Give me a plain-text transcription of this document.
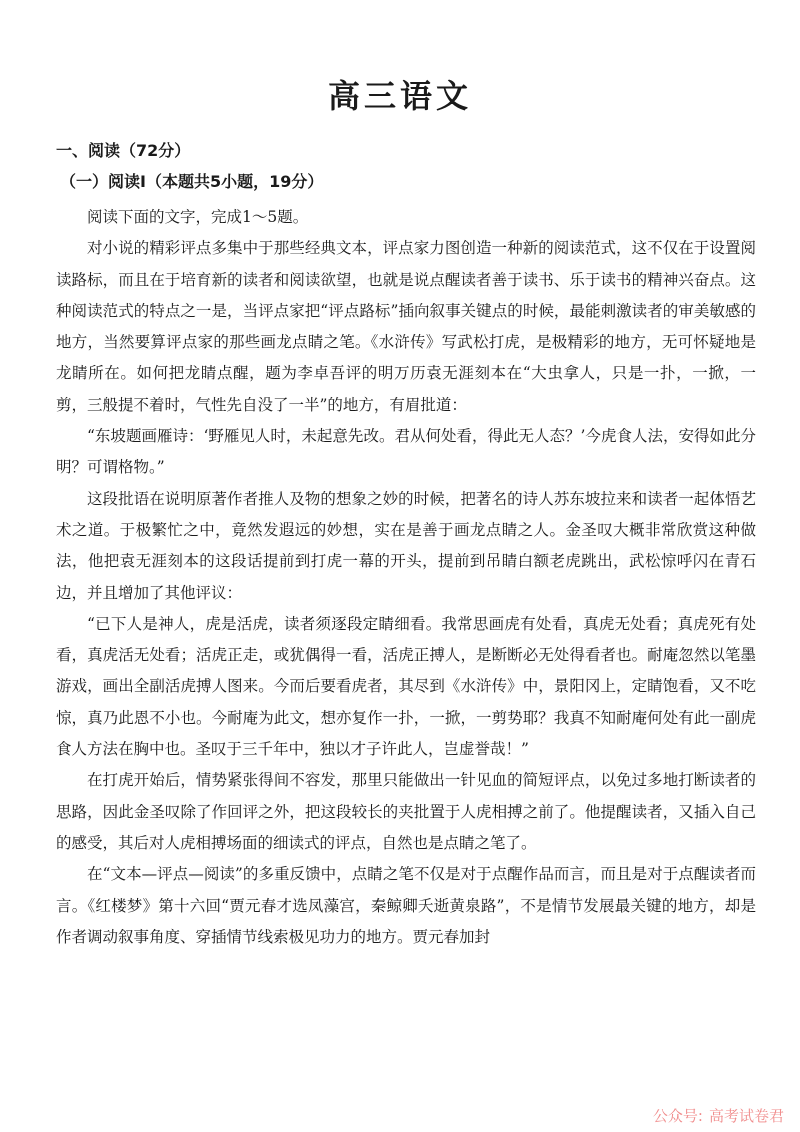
高三语文
一、阅读（72分）
（一）阅读Ⅰ（本题共5小题，19分）

阅读下面的文字，完成1～5题。

对小说的精彩评点多集中于那些经典文本，评点家力图创造一种新的阅读范式，这不仅在于设置阅读路标，而且在于培育新的读者和阅读欲望，也就是说点醒读者善于读书、乐于读书的精神兴奋点。这种阅读范式的特点之一是，当评点家把“评点路标”插向叙事关键点的时候，最能刺激读者的审美敏感的地方，当然要算评点家的那些画龙点睛之笔。《水浒传》写武松打虎，是极精彩的地方，无可怀疑地是龙睛所在。如何把龙睛点醒，题为李卓吾评的明万历袁无涯刻本在“大虫拿人，只是一扑，一掀，一剪，三般提不着时，气性先自没了一半”的地方，有眉批道：

“东坡题画雁诗：‘野雁见人时，未起意先改。君从何处看，得此无人态？’今虎食人法，安得如此分明？可谓格物。”

这段批语在说明原著作者推人及物的想象之妙的时候，把著名的诗人苏东坡拉来和读者一起体悟艺术之道。于极繁忙之中，竟然发遐远的妙想，实在是善于画龙点睛之人。金圣叹大概非常欣赏这种做法，他把袁无涯刻本的这段话提前到打虎一幕的开头，提前到吊睛白额老虎跳出，武松惊呼闪在青石边，并且增加了其他评议：

“已下人是神人，虎是活虎，读者须逐段定睛细看。我常思画虎有处看，真虎无处看；真虎死有处看，真虎活无处看；活虎正走，或犹偶得一看，活虎正搏人，是断断必无处得看者也。耐庵忽然以笔墨游戏，画出全副活虎搏人图来。今而后要看虎者，其尽到《水浒传》中，景阳冈上，定睛饱看，又不吃惊，真乃此恩不小也。今耐庵为此文，想亦复作一扑，一掀，一剪势耶？我真不知耐庵何处有此一副虎食人方法在胸中也。圣叹于三千年中，独以才子许此人，岂虚誉哉！”

在打虎开始后，情势紧张得间不容发，那里只能做出一针见血的简短评点，以免过多地打断读者的思路，因此金圣叹除了作回评之外，把这段较长的夹批置于人虎相搏之前了。他提醒读者，又插入自己的感受，其后对人虎相搏场面的细读式的评点，自然也是点睛之笔了。

在“文本—评点—阅读”的多重反馈中，点睛之笔不仅是对于点醒作品而言，而且是对于点醒读者而言。《红楼梦》第十六回“贾元春才选凤藻宫，秦鲸卿夭逝黄泉路”，不是情节发展最关键的地方，却是作者调动叙事角度、穿插情节线索极见功力的地方。贾元春加封

公众号: 高考试卷君
